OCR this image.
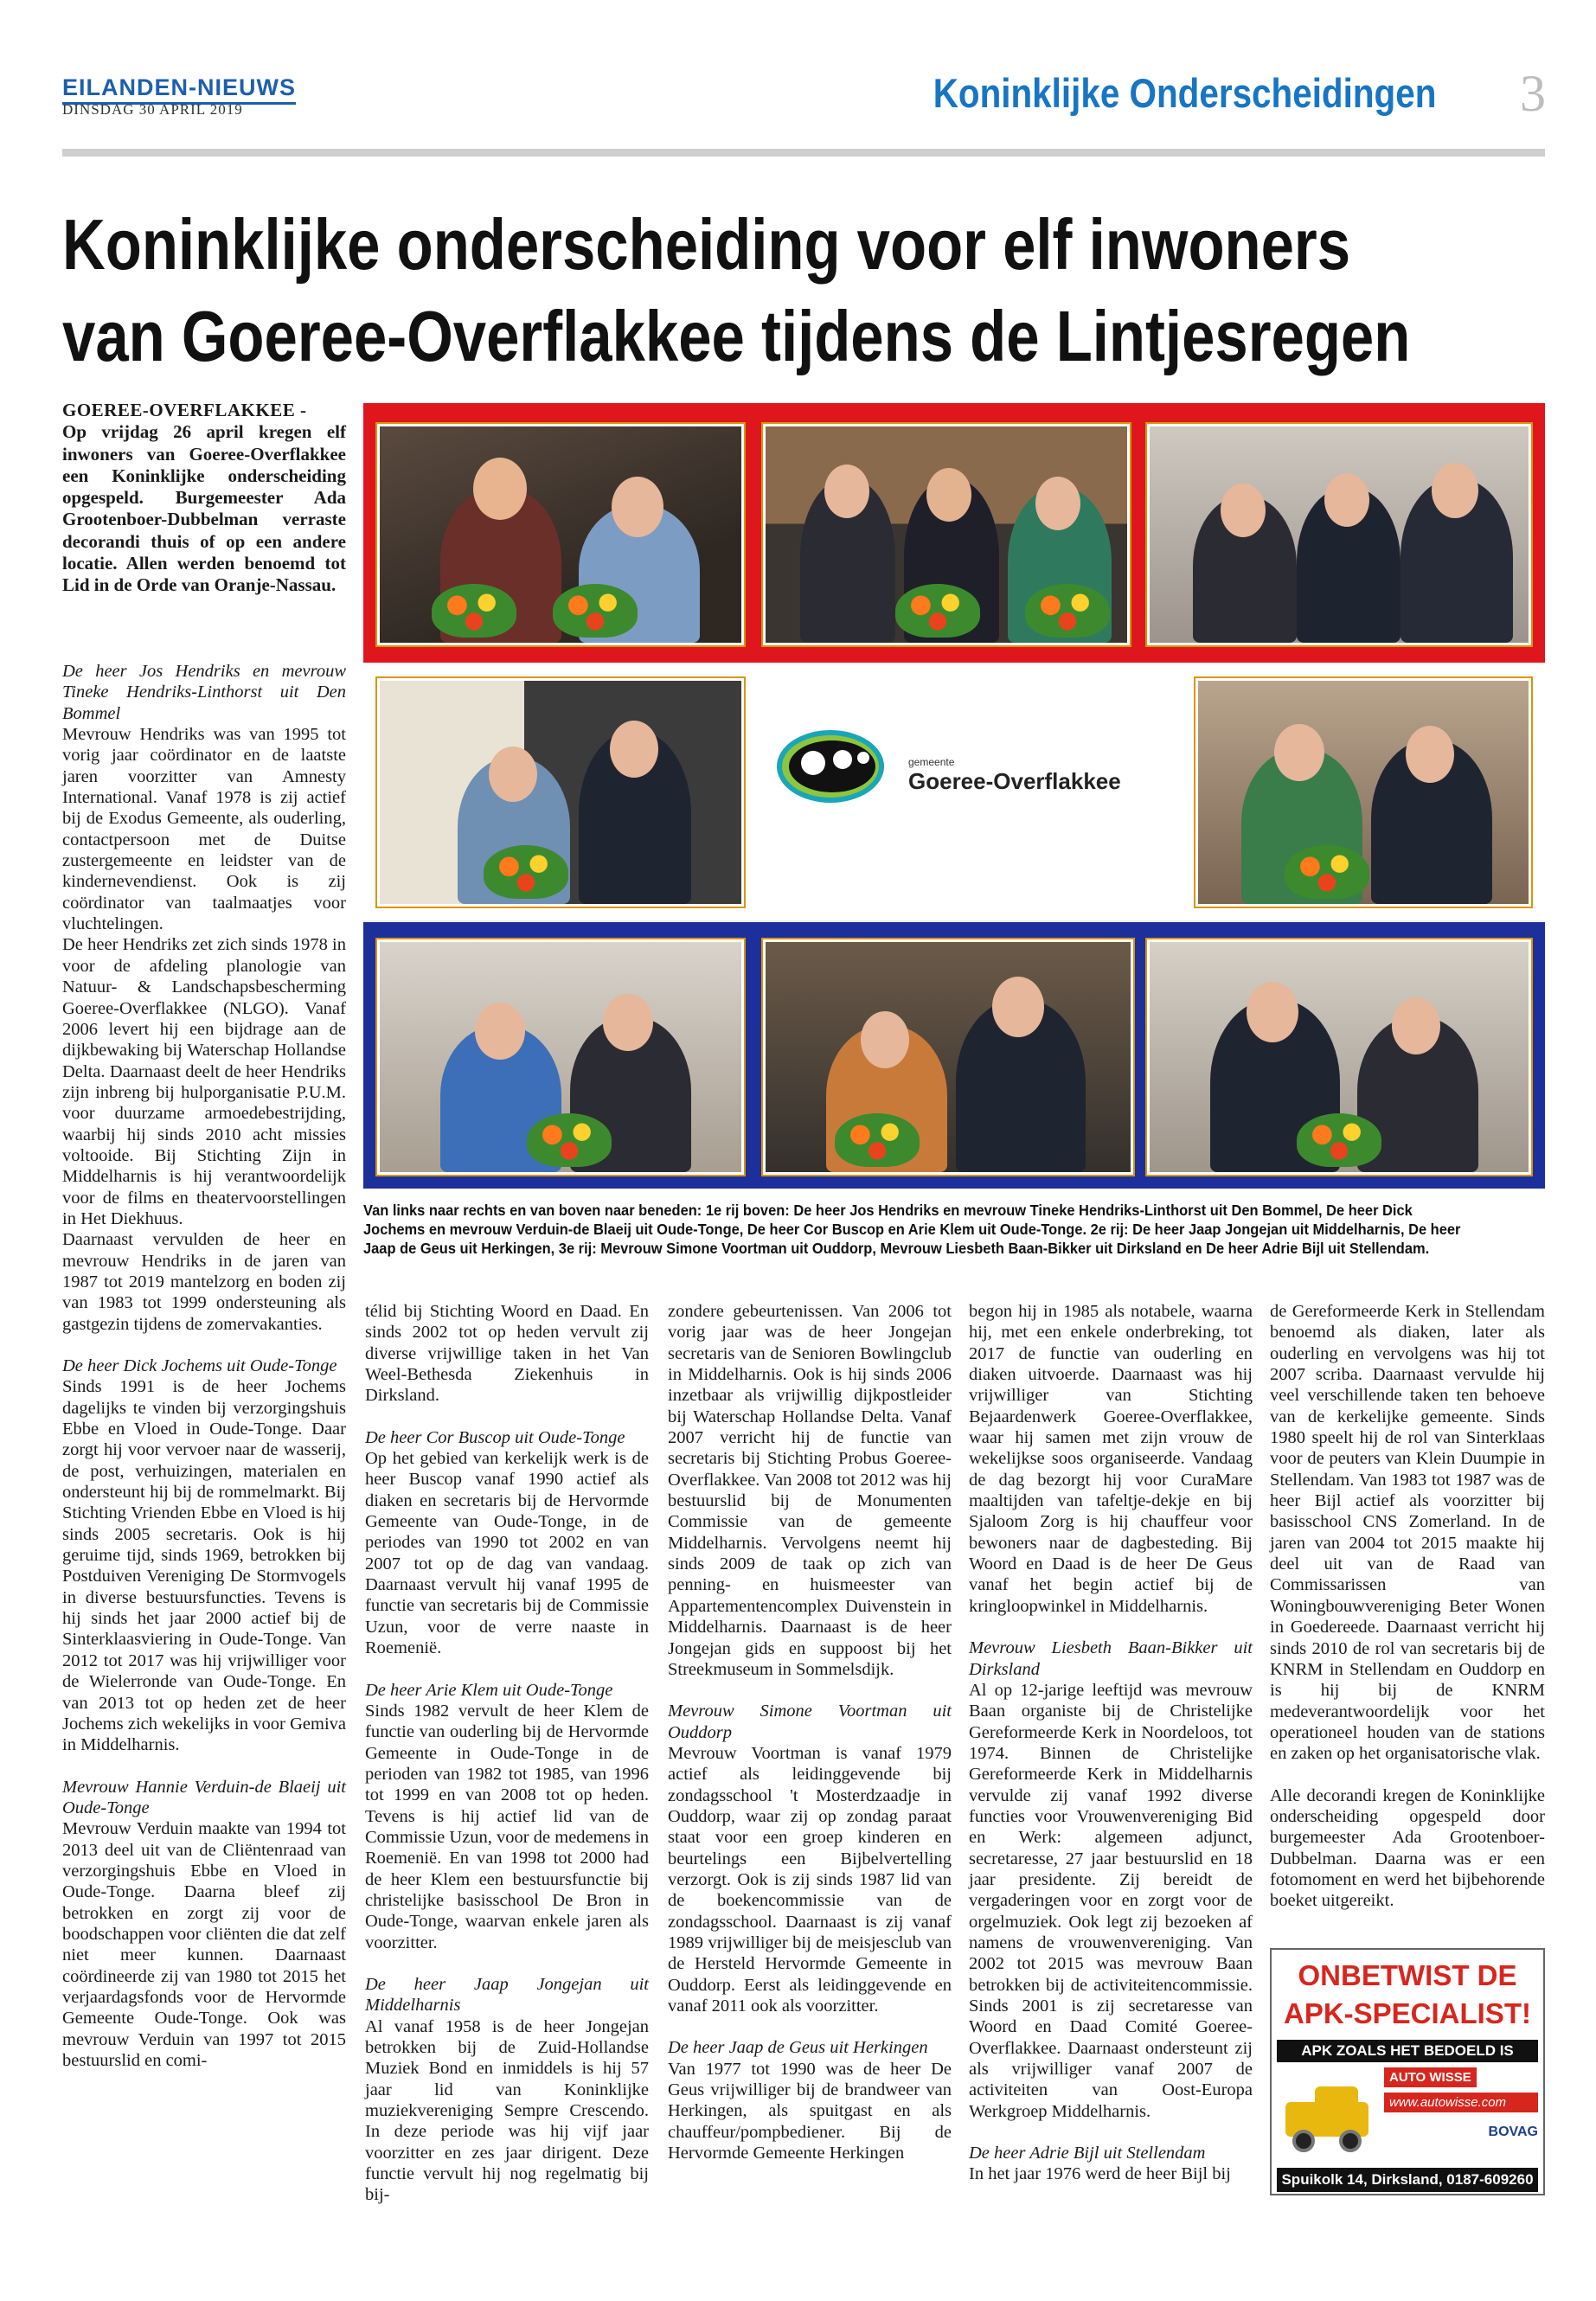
EILANDEN-NIEUWS
DINSDAG 30 APRIL 2019	Koninklijke Onderscheidingen 3
Koninklijke onderscheiding voor elf inwoners
van Goeree-Overflakkee tijdens de Lintjesregen
GOEREE-OVERFLAKKEE -
Op vrijdag 26 april kregen elf inwoners van Goeree-Overflakkee een Koninklijke onderscheiding opgespeld. Burgemeester Ada Grootenboer-Dubbelman verraste decorandi thuis of op een andere locatie. Allen werden benoemd tot Lid in de Orde van Oranje-Nassau.
gemeente
Goeree-Overflakkee
Van links naar rechts en van boven naar beneden: 1e rij boven: De heer Jos Hendriks en mevrouw Tineke Hendriks-Linthorst uit Den Bommel, De heer Dick Jochems en mevrouw Verduin-de Blaeij uit Oude-Tonge, De heer Cor Buscop en Arie Klem uit Oude-Tonge. 2e rij: De heer Jaap Jongejan uit Middelharnis, De heer Jaap de Geus uit Herkingen, 3e rij: Mevrouw Simone Voortman uit Ouddorp, Mevrouw Liesbeth Baan-Bikker uit Dirksland en De heer Adrie Bijl uit Stellendam.

De heer Jos Hendriks en mevrouw Tineke Hendriks-Linthorst uit Den Bommel

Mevrouw Hendriks was van 1995 tot vorig jaar coördinator en de laatste jaren voorzitter van Amnesty International. Vanaf 1978 is zij actief bij de Exodus Gemeente, als ouderling, contactpersoon met de Duitse zustergemeente en leidster van de kindernevendienst. Ook is zij coördinator van taalmaatjes voor vluchtelingen.

De heer Hendriks zet zich sinds 1978 in voor de afdeling planologie van Natuur- & Landschapsbescherming Goeree-Overflakkee (NLGO). Vanaf 2006 levert hij een bijdrage aan de dijkbewaking bij Waterschap Hollandse Delta. Daarnaast deelt de heer Hendriks zijn inbreng bij hulporganisatie P.U.M. voor duurzame armoedebestrijding, waarbij hij sinds 2010 acht missies voltooide. Bij Stichting Zijn in Middelharnis is hij verantwoordelijk voor de films en theatervoorstellingen in Het Diekhuus.

Daarnaast vervulden de heer en mevrouw Hendriks in de jaren van 1987 tot 2019 mantelzorg en boden zij van 1983 tot 1999 ondersteuning als gastgezin tijdens de zomervakanties.

De heer Dick Jochems uit Oude-Tonge

Sinds 1991 is de heer Jochems dagelijks te vinden bij verzorgingshuis Ebbe en Vloed in Oude-Tonge. Daar zorgt hij voor vervoer naar de wasserij, de post, verhuizingen, materialen en ondersteunt hij bij de rommelmarkt. Bij Stichting Vrienden Ebbe en Vloed is hij sinds 2005 secretaris. Ook is hij geruime tijd, sinds 1969, betrokken bij Postduiven Vereniging De Stormvogels in diverse bestuursfuncties. Tevens is hij sinds het jaar 2000 actief bij de Sinterklaasviering in Oude-Tonge. Van 2012 tot 2017 was hij vrijwilliger voor de Wielerronde van Oude-Tonge. En van 2013 tot op heden zet de heer Jochems zich wekelijks in voor Gemiva in Middelharnis.

Mevrouw Hannie Verduin-de Blaeij uit Oude-Tonge

Mevrouw Verduin maakte van 1994 tot 2013 deel uit van de Cliëntenraad van verzorgingshuis Ebbe en Vloed in Oude-Tonge. Daarna bleef zij betrokken en zorgt zij voor de boodschappen voor cliënten die dat zelf niet meer kunnen. Daarnaast coördineerde zij van 1980 tot 2015 het verjaardagsfonds voor de Hervormde Gemeente Oude-Tonge. Ook was mevrouw Verduin van 1997 tot 2015 bestuurslid en comi-

télid bij Stichting Woord en Daad. En sinds 2002 tot op heden vervult zij diverse vrijwillige taken in het Van Weel-Bethesda Ziekenhuis in Dirksland.

De heer Cor Buscop uit Oude-Tonge

Op het gebied van kerkelijk werk is de heer Buscop vanaf 1990 actief als diaken en secretaris bij de Hervormde Gemeente van Oude-Tonge, in de periodes van 1990 tot 2002 en van 2007 tot op de dag van vandaag. Daarnaast vervult hij vanaf 1995 de functie van secretaris bij de Commissie Uzun, voor de verre naaste in Roemenië.

De heer Arie Klem uit Oude-Tonge

Sinds 1982 vervult de heer Klem de functie van ouderling bij de Hervormde Gemeente in Oude-Tonge in de perioden van 1982 tot 1985, van 1996 tot 1999 en van 2008 tot op heden. Tevens is hij actief lid van de Commissie Uzun, voor de medemens in Roemenië. En van 1998 tot 2000 had de heer Klem een bestuursfunctie bij christelijke basisschool De Bron in Oude-Tonge, waarvan enkele jaren als voorzitter.

De heer Jaap Jongejan uit Middelharnis

Al vanaf 1958 is de heer Jongejan betrokken bij de Zuid-Hollandse Muziek Bond en inmiddels is hij 57 jaar lid van Koninklijke muziekvereniging Sempre Crescendo. In deze periode was hij vijf jaar voorzitter en zes jaar dirigent. Deze functie vervult hij nog regelmatig bij bij-

zondere gebeurtenissen. Van 2006 tot vorig jaar was de heer Jongejan secretaris van de Senioren Bowlingclub in Middelharnis. Ook is hij sinds 2006 inzetbaar als vrijwillig dijkpostleider bij Waterschap Hollandse Delta. Vanaf 2007 verricht hij de functie van secretaris bij Stichting Probus Goeree-Overflakkee. Van 2008 tot 2012 was hij bestuurslid bij de Monumenten Commissie van de gemeente Middelharnis. Vervolgens neemt hij sinds 2009 de taak op zich van penning- en huismeester van Appartementencomplex Duivenstein in Middelharnis. Daarnaast is de heer Jongejan gids en suppoost bij het Streekmuseum in Sommelsdijk.

Mevrouw Simone Voortman uit Ouddorp

Mevrouw Voortman is vanaf 1979 actief als leidinggevende bij zondagsschool 't Mosterdzaadje in Ouddorp, waar zij op zondag paraat staat voor een groep kinderen en beurtelings een Bijbelvertelling verzorgt. Ook is zij sinds 1987 lid van de boekencommissie van de zondagsschool. Daarnaast is zij vanaf 1989 vrijwilliger bij de meisjesclub van de Hersteld Hervormde Gemeente in Ouddorp. Eerst als leidinggevende en vanaf 2011 ook als voorzitter.

De heer Jaap de Geus uit Herkingen

Van 1977 tot 1990 was de heer De Geus vrijwilliger bij de brandweer van Herkingen, als spuitgast en als chauffeur/pompbediener. Bij de Hervormde Gemeente Herkingen

begon hij in 1985 als notabele, waarna hij, met een enkele onderbreking, tot 2017 de functie van ouderling en diaken uitvoerde. Daarnaast was hij vrijwilliger van Stichting Bejaardenwerk Goeree-Overflakkee, waar hij samen met zijn vrouw de wekelijkse soos organiseerde. Vandaag de dag bezorgt hij voor CuraMare maaltijden van tafeltje-dekje en bij Sjaloom Zorg is hij chauffeur voor bewoners naar de dagbesteding. Bij Woord en Daad is de heer De Geus vanaf het begin actief bij de kringloopwinkel in Middelharnis.

Mevrouw Liesbeth Baan-Bikker uit Dirksland

Al op 12-jarige leeftijd was mevrouw Baan organiste bij de Christelijke Gereformeerde Kerk in Noordeloos, tot 1974. Binnen de Christelijke Gereformeerde Kerk in Middelharnis vervulde zij vanaf 1992 diverse functies voor Vrouwenvereniging Bid en Werk: algemeen adjunct, secretaresse, 27 jaar bestuurslid en 18 jaar presidente. Zij bereidt de vergaderingen voor en zorgt voor de orgelmuziek. Ook legt zij bezoeken af namens de vrouwenvereniging. Van 2002 tot 2015 was mevrouw Baan betrokken bij de activiteitencommissie. Sinds 2001 is zij secretaresse van Woord en Daad Comité Goeree-Overflakkee. Daarnaast ondersteunt zij als vrijwilliger vanaf 2007 de activiteiten van Oost-Europa Werkgroep Middelharnis.

De heer Adrie Bijl uit Stellendam

In het jaar 1976 werd de heer Bijl bij

de Gereformeerde Kerk in Stellendam benoemd als diaken, later als ouderling en vervolgens was hij tot 2007 scriba. Daarnaast vervulde hij veel verschillende taken ten behoeve van de kerkelijke gemeente. Sinds 1980 speelt hij de rol van Sinterklaas voor de peuters van Klein Duumpie in Stellendam. Van 1983 tot 1987 was de heer Bijl actief als voorzitter bij basisschool CNS Zomerland. In de jaren van 2004 tot 2015 maakte hij deel uit van de Raad van Commissarissen van Woningbouwvereniging Beter Wonen in Goedereede. Daarnaast verricht hij sinds 2010 de rol van secretaris bij de KNRM in Stellendam en Ouddorp en is hij bij de KNRM medeverantwoordelijk voor het operationeel houden van de stations en zaken op het organisatorische vlak.

Alle decorandi kregen de Koninklijke onderscheiding opgespeld door burgemeester Ada Grootenboer-Dubbelman. Daarna was er een fotomoment en werd het bijbehorende boeket uitgereikt.

ONBETWIST DE
APK-SPECIALIST!
APK ZOALS HET BEDOELD IS
AUTO WISSE
www.autowisse.com
BOVAG
Spuikolk 14, Dirksland, 0187-609260
